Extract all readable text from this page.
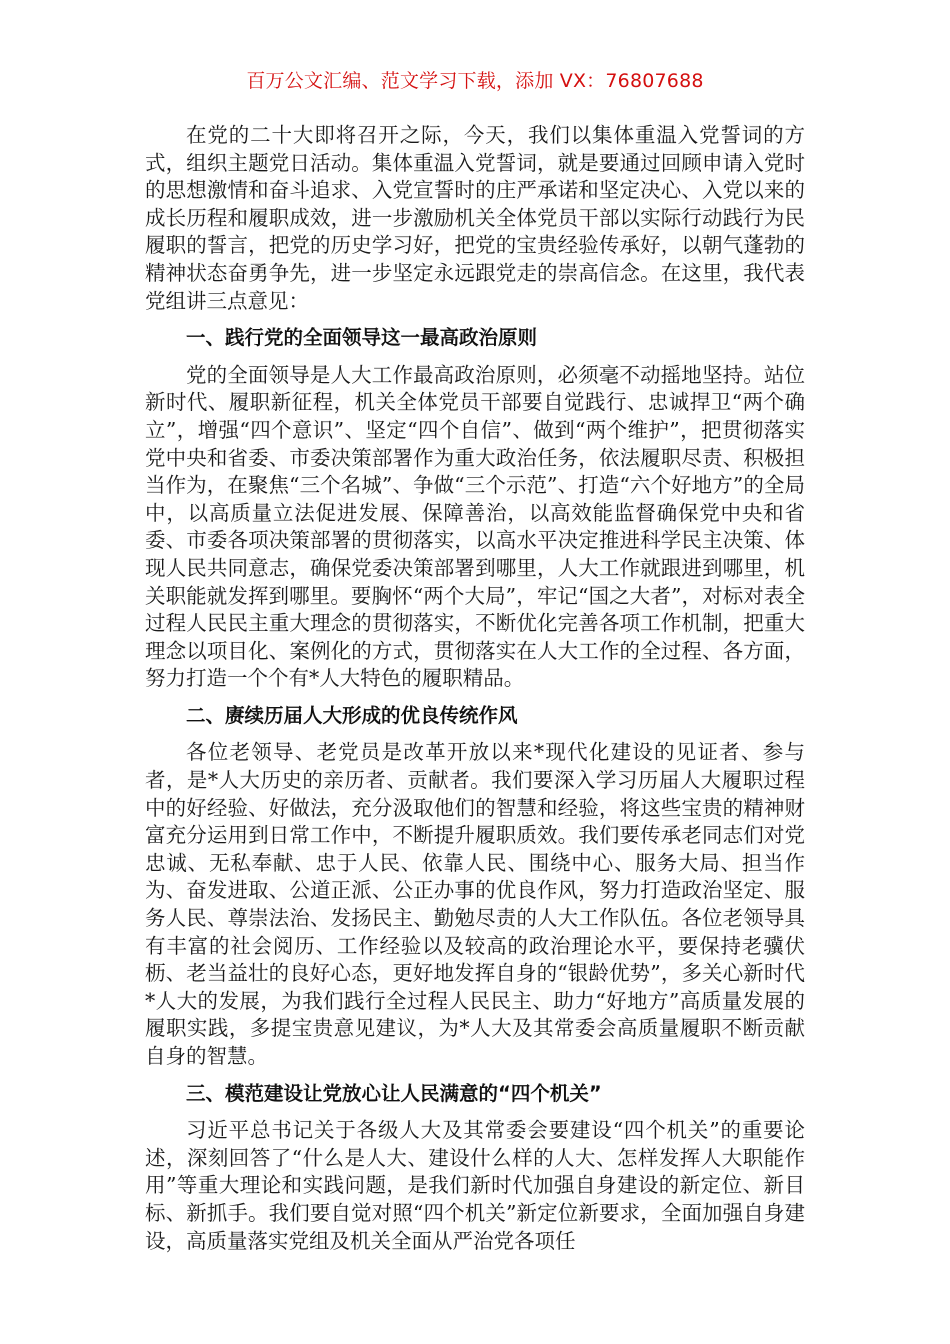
百万公文汇编、范文学习下载，添加 VX：76807688

在党的二十大即将召开之际，今天，我们以集体重温入党誓词的方式，组织主题党日活动。集体重温入党誓词，就是要通过回顾申请入党时的思想激情和奋斗追求、入党宣誓时的庄严承诺和坚定决心、入党以来的成长历程和履职成效，进一步激励机关全体党员干部以实际行动践行为民履职的誓言，把党的历史学习好，把党的宝贵经验传承好，以朝气蓬勃的精神状态奋勇争先，进一步坚定永远跟党走的崇高信念。在这里，我代表党组讲三点意见：

一、践行党的全面领导这一最高政治原则

党的全面领导是人大工作最高政治原则，必须毫不动摇地坚持。站位新时代、履职新征程，机关全体党员干部要自觉践行、忠诚捍卫“两个确立”，增强“四个意识”、坚定“四个自信”、做到“两个维护”，把贯彻落实党中央和省委、市委决策部署作为重大政治任务，依法履职尽责、积极担当作为，在聚焦“三个名城”、争做“三个示范”、打造“六个好地方”的全局中，以高质量立法促进发展、保障善治，以高效能监督确保党中央和省委、市委各项决策部署的贯彻落实，以高水平决定推进科学民主决策、体现人民共同意志，确保党委决策部署到哪里，人大工作就跟进到哪里，机关职能就发挥到哪里。要胸怀“两个大局”，牢记“国之大者”，对标对表全过程人民民主重大理念的贯彻落实，不断优化完善各项工作机制，把重大理念以项目化、案例化的方式，贯彻落实在人大工作的全过程、各方面，努力打造一个个有*人大特色的履职精品。

二、赓续历届人大形成的优良传统作风

各位老领导、老党员是改革开放以来*现代化建设的见证者、参与者，是*人大历史的亲历者、贡献者。我们要深入学习历届人大履职过程中的好经验、好做法，充分汲取他们的智慧和经验，将这些宝贵的精神财富充分运用到日常工作中，不断提升履职质效。我们要传承老同志们对党忠诚、无私奉献、忠于人民、依靠人民、围绕中心、服务大局、担当作为、奋发进取、公道正派、公正办事的优良作风，努力打造政治坚定、服务人民、尊崇法治、发扬民主、勤勉尽责的人大工作队伍。各位老领导具有丰富的社会阅历、工作经验以及较高的政治理论水平，要保持老骥伏枥、老当益壮的良好心态，更好地发挥自身的“银龄优势”，多关心新时代*人大的发展，为我们践行全过程人民民主、助力“好地方”高质量发展的履职实践，多提宝贵意见建议，为*人大及其常委会高质量履职不断贡献自身的智慧。

三、模范建设让党放心让人民满意的“四个机关”

习近平总书记关于各级人大及其常委会要建设“四个机关”的重要论述，深刻回答了“什么是人大、建设什么样的人大、怎样发挥人大职能作用”等重大理论和实践问题，是我们新时代加强自身建设的新定位、新目标、新抓手。我们要自觉对照“四个机关”新定位新要求，全面加强自身建设，高质量落实党组及机关全面从严治党各项任
